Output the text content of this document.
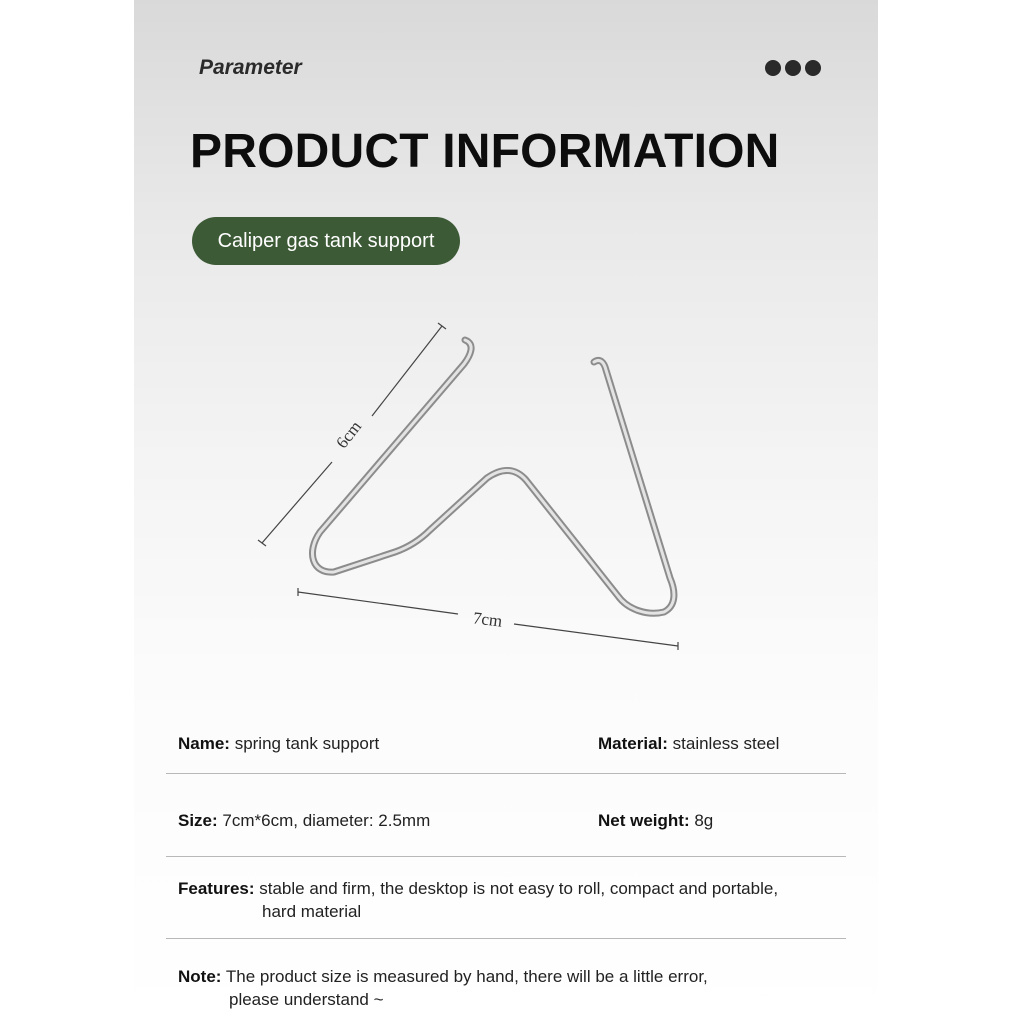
Parameter
PRODUCT INFORMATION
Caliper gas tank support
6cm
7cm
Name: spring tank support	Material: stainless steel
Size: 7cm*6cm, diameter: 2.5mm	Net weight: 8g
Features: stable and firm, the desktop is not easy to roll, compact and portable,
hard material
Note: The product size is measured by hand, there will be a little error,
please understand ~
